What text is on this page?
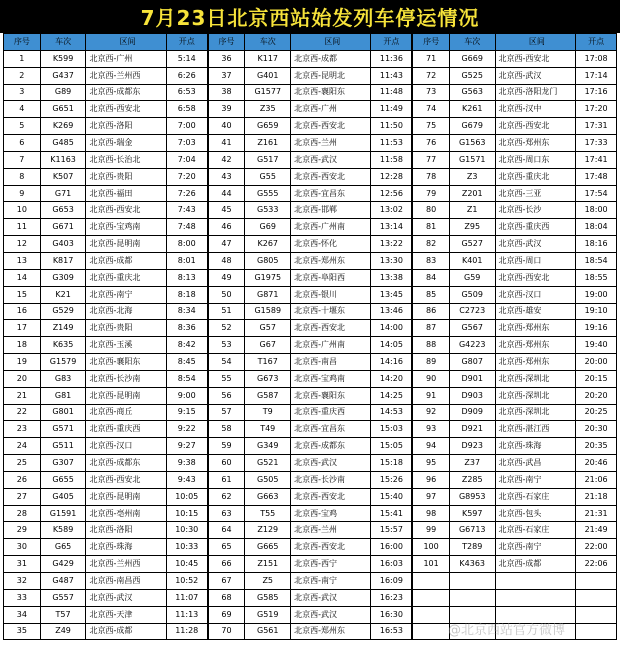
7月23日北京西站始发列车停运情况
序号	车次	区间	开点
1	K599	北京西-广州	5:14
2	G437	北京西-兰州西	6:26
3	G89	北京西-成都东	6:53
4	G651	北京西-西安北	6:58
5	K269	北京西-洛阳	7:00
6	G485	北京西-瑞金	7:03
7	K1163	北京西-长治北	7:04
8	K507	北京西-贵阳	7:20
9	G71	北京西-福田	7:26
10	G653	北京西-西安北	7:43
11	G671	北京西-宝鸡南	7:48
12	G403	北京西-昆明南	8:00
13	K817	北京西-成都	8:01
14	G309	北京西-重庆北	8:13
15	K21	北京西-南宁	8:18
16	G529	北京西-北海	8:34
17	Z149	北京西-贵阳	8:36
18	K635	北京西-玉溪	8:42
19	G1579	北京西-襄阳东	8:45
20	G83	北京西-长沙南	8:54
21	G81	北京西-昆明南	9:00
22	G801	北京西-商丘	9:15
23	G571	北京西-重庆西	9:22
24	G511	北京西-汉口	9:27
25	G307	北京西-成都东	9:38
26	G655	北京西-西安北	9:43
27	G405	北京西-昆明南	10:05
28	G1591	北京西-亳州南	10:15
29	K589	北京西-洛阳	10:30
30	G65	北京西-珠海	10:33
31	G429	北京西-兰州西	10:45
32	G487	北京西-南昌西	10:52
33	G557	北京西-武汉	11:07
34	T57	北京西-天津	11:13
35	Z49	北京西-成都	11:28
序号	车次	区间	开点
36	K117	北京西-成都	11:36
37	G401	北京西-昆明北	11:43
38	G1577	北京西-襄阳东	11:48
39	Z35	北京西-广州	11:49
40	G659	北京西-西安北	11:50
41	Z161	北京西-兰州	11:53
42	G517	北京西-武汉	11:58
43	G55	北京西-西安北	12:28
44	G555	北京西-宜昌东	12:56
45	G533	北京西-邯郸	13:02
46	G69	北京西-广州南	13:14
47	K267	北京西-怀化	13:22
48	G805	北京西-郑州东	13:30
49	G1975	北京西-阜阳西	13:38
50	G871	北京西-银川	13:45
51	G1589	北京西-十堰东	13:46
52	G57	北京西-西安北	14:00
53	G67	北京西-广州南	14:05
54	T167	北京西-南昌	14:16
55	G673	北京西-宝鸡南	14:20
56	G587	北京西-襄阳东	14:25
57	T9	北京西-重庆西	14:53
58	T49	北京西-宜昌东	15:03
59	G349	北京西-成都东	15:05
60	G521	北京西-武汉	15:18
61	G505	北京西-长沙南	15:26
62	G663	北京西-西安北	15:40
63	T55	北京西-宝鸡	15:41
64	Z129	北京西-兰州	15:57
65	G665	北京西-西安北	16:00
66	Z151	北京西-西宁	16:03
67	Z5	北京西-南宁	16:09
68	G585	北京西-武汉	16:23
69	G519	北京西-武汉	16:30
70	G561	北京西-郑州东	16:53
序号	车次	区间	开点
71	G669	北京西-西安北	17:08
72	G525	北京西-武汉	17:14
73	G563	北京西-洛阳龙门	17:16
74	K261	北京西-汉中	17:20
75	G679	北京西-西安北	17:31
76	G1563	北京西-郑州东	17:33
77	G1571	北京西-周口东	17:41
78	Z3	北京西-重庆北	17:48
79	Z201	北京西-三亚	17:54
80	Z1	北京西-长沙	18:00
81	Z95	北京西-重庆西	18:04
82	G527	北京西-武汉	18:16
83	K401	北京西-周口	18:54
84	G59	北京西-西安北	18:55
85	G509	北京西-汉口	19:00
86	C2723	北京西-雄安	19:10
87	G567	北京西-郑州东	19:16
88	G4223	北京西-郑州东	19:40
89	G807	北京西-郑州东	20:00
90	D901	北京西-深圳北	20:15
91	D903	北京西-深圳北	20:20
92	D909	北京西-深圳北	20:25
93	D921	北京西-湛江西	20:30
94	D923	北京西-珠海	20:35
95	Z37	北京西-武昌	20:46
96	Z285	北京西-南宁	21:06
97	G8953	北京西-石家庄	21:18
98	K597	北京西-包头	21:31
99	G6713	北京西-石家庄	21:49
100	T289	北京西-南宁	22:00
101	K4363	北京西-成都	22:06

@北京西站官方微博
